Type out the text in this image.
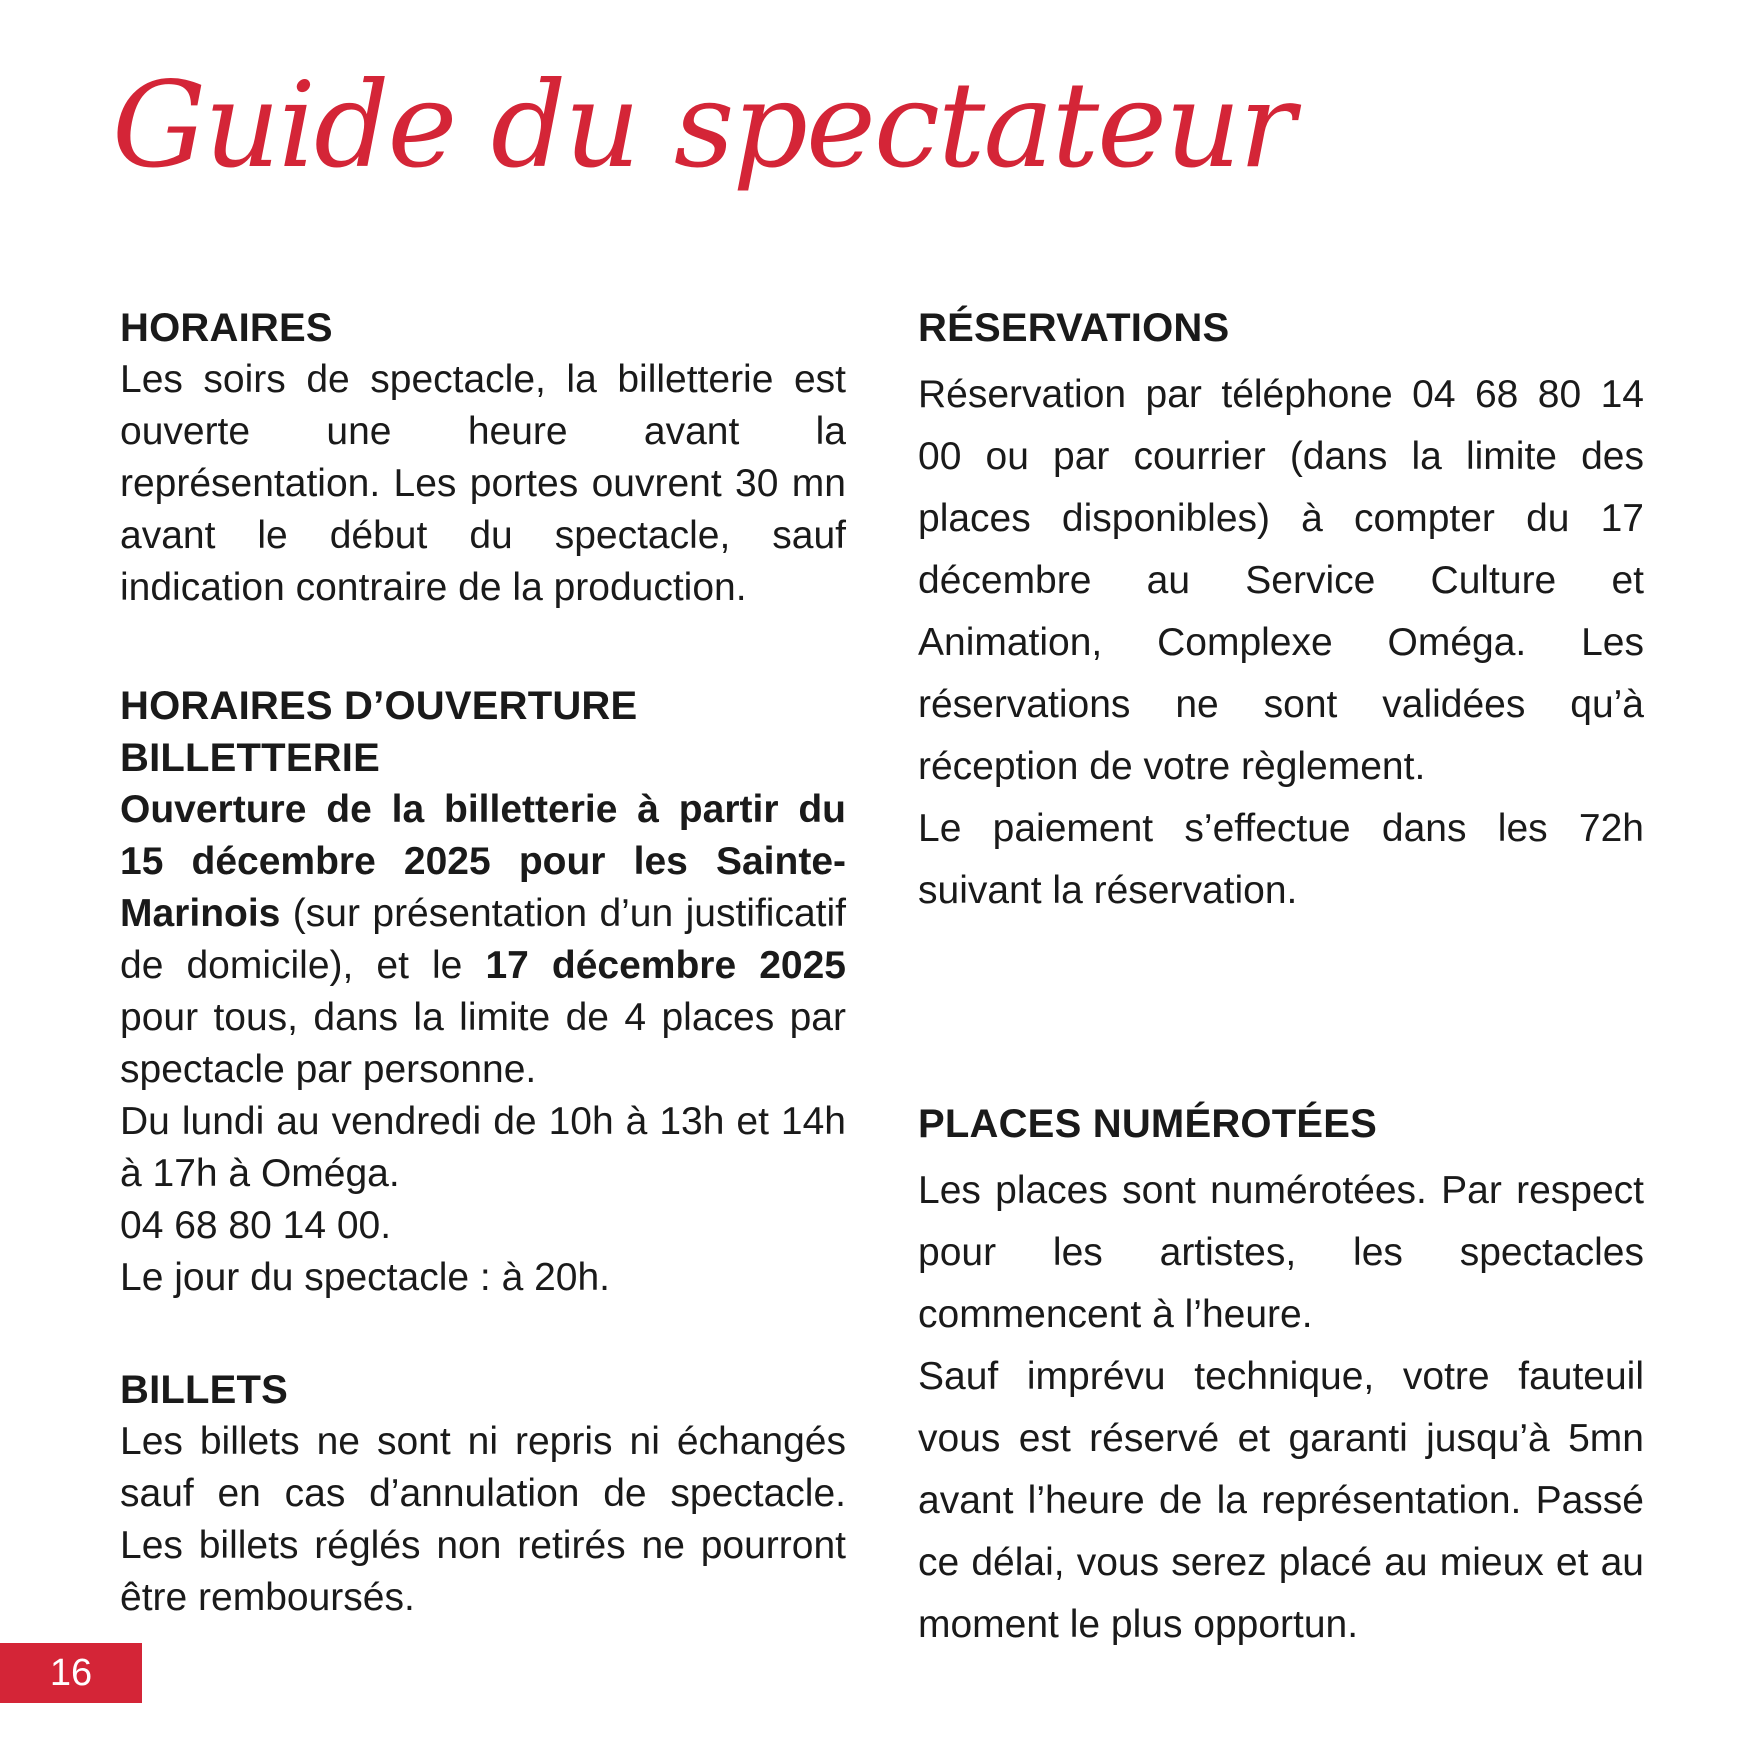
Guide du spectateur
HORAIRES

Les soirs de spectacle, la billetterie est ouverte une heure avant la représentation. Les portes ouvrent 30 mn avant le début du spectacle, sauf indication contraire de la production.

HORAIRES D’OUVERTURE
BILLETTERIE

Ouverture de la billetterie à partir du 15 décembre 2025 pour les Sainte-Marinois (sur présentation d’un justificatif de domicile), et le 17 décembre 2025 pour tous, dans la limite de 4 places par spectacle par personne.

Du lundi au vendredi de 10h à 13h et 14h à 17h à Oméga.

04 68 80 14 00.

Le jour du spectacle : à 20h.

BILLETS

Les billets ne sont ni repris ni échangés sauf en cas d’annulation de spectacle. Les billets réglés non retirés ne pourront être remboursés.

RÉSERVATIONS

Réservation par téléphone 04 68 80 14 00 ou par courrier (dans la limite des places disponibles) à compter du 17 décembre au Service Culture et Animation, Complexe Oméga. Les réservations ne sont validées qu’à réception de votre règlement.

Le paiement s’effectue dans les 72h suivant la réservation.

PLACES NUMÉROTÉES

Les places sont numérotées. Par respect pour les artistes, les spectacles commencent à l’heure.

Sauf imprévu technique, votre fauteuil vous est réservé et garanti jusqu’à 5mn avant l’heure de la représentation. Passé ce délai, vous serez placé au mieux et au moment le plus opportun.

16
